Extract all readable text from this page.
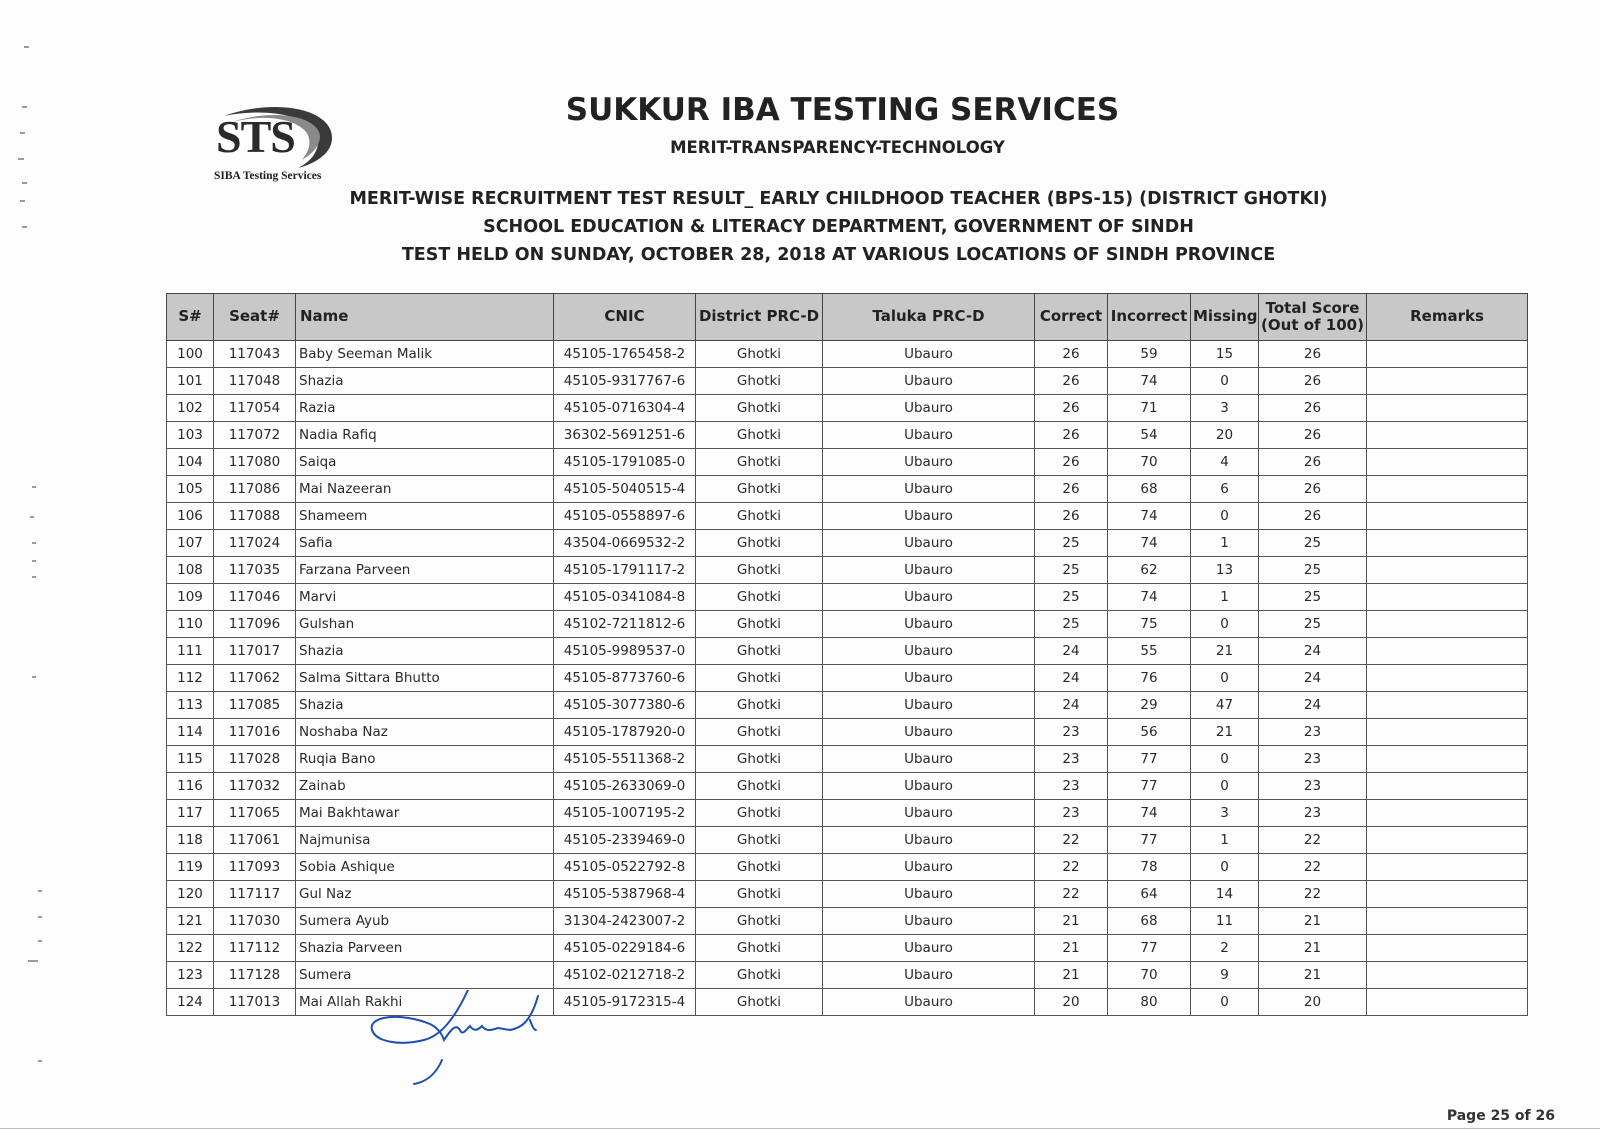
STS
SIBA Testing Services
SUKKUR IBA TESTING SERVICES
MERIT-TRANSPARENCY-TECHNOLOGY
MERIT-WISE RECRUITMENT TEST RESULT_ EARLY CHILDHOOD TEACHER (BPS-15) (DISTRICT GHOTKI)
SCHOOL EDUCATION & LITERACY DEPARTMENT, GOVERNMENT OF SINDH
TEST HELD ON SUNDAY, OCTOBER 28, 2018 AT VARIOUS LOCATIONS OF SINDH PROVINCE
S#	Seat#	Name	CNIC	District PRC-D	Taluka PRC-D	Correct	Incorrect	Missing	Total Score (Out of 100)	Remarks
100	117043	Baby Seeman Malik	45105-1765458-2	Ghotki	Ubauro	26	59	15	26	
101	117048	Shazia	45105-9317767-6	Ghotki	Ubauro	26	74	0	26	
102	117054	Razia	45105-0716304-4	Ghotki	Ubauro	26	71	3	26	
103	117072	Nadia Rafiq	36302-5691251-6	Ghotki	Ubauro	26	54	20	26	
104	117080	Saiqa	45105-1791085-0	Ghotki	Ubauro	26	70	4	26	
105	117086	Mai Nazeeran	45105-5040515-4	Ghotki	Ubauro	26	68	6	26	
106	117088	Shameem	45105-0558897-6	Ghotki	Ubauro	26	74	0	26	
107	117024	Safia	43504-0669532-2	Ghotki	Ubauro	25	74	1	25	
108	117035	Farzana Parveen	45105-1791117-2	Ghotki	Ubauro	25	62	13	25	
109	117046	Marvi	45105-0341084-8	Ghotki	Ubauro	25	74	1	25	
110	117096	Gulshan	45102-7211812-6	Ghotki	Ubauro	25	75	0	25	
111	117017	Shazia	45105-9989537-0	Ghotki	Ubauro	24	55	21	24	
112	117062	Salma Sittara Bhutto	45105-8773760-6	Ghotki	Ubauro	24	76	0	24	
113	117085	Shazia	45105-3077380-6	Ghotki	Ubauro	24	29	47	24	
114	117016	Noshaba Naz	45105-1787920-0	Ghotki	Ubauro	23	56	21	23	
115	117028	Ruqia Bano	45105-5511368-2	Ghotki	Ubauro	23	77	0	23	
116	117032	Zainab	45105-2633069-0	Ghotki	Ubauro	23	77	0	23	
117	117065	Mai Bakhtawar	45105-1007195-2	Ghotki	Ubauro	23	74	3	23	
118	117061	Najmunisa	45105-2339469-0	Ghotki	Ubauro	22	77	1	22	
119	117093	Sobia Ashique	45105-0522792-8	Ghotki	Ubauro	22	78	0	22	
120	117117	Gul Naz	45105-5387968-4	Ghotki	Ubauro	22	64	14	22	
121	117030	Sumera Ayub	31304-2423007-2	Ghotki	Ubauro	21	68	11	21	
122	117112	Shazia Parveen	45105-0229184-6	Ghotki	Ubauro	21	77	2	21	
123	117128	Sumera	45102-0212718-2	Ghotki	Ubauro	21	70	9	21	
124	117013	Mai Allah Rakhi	45105-9172315-4	Ghotki	Ubauro	20	80	0	20	
Page 25 of 26
